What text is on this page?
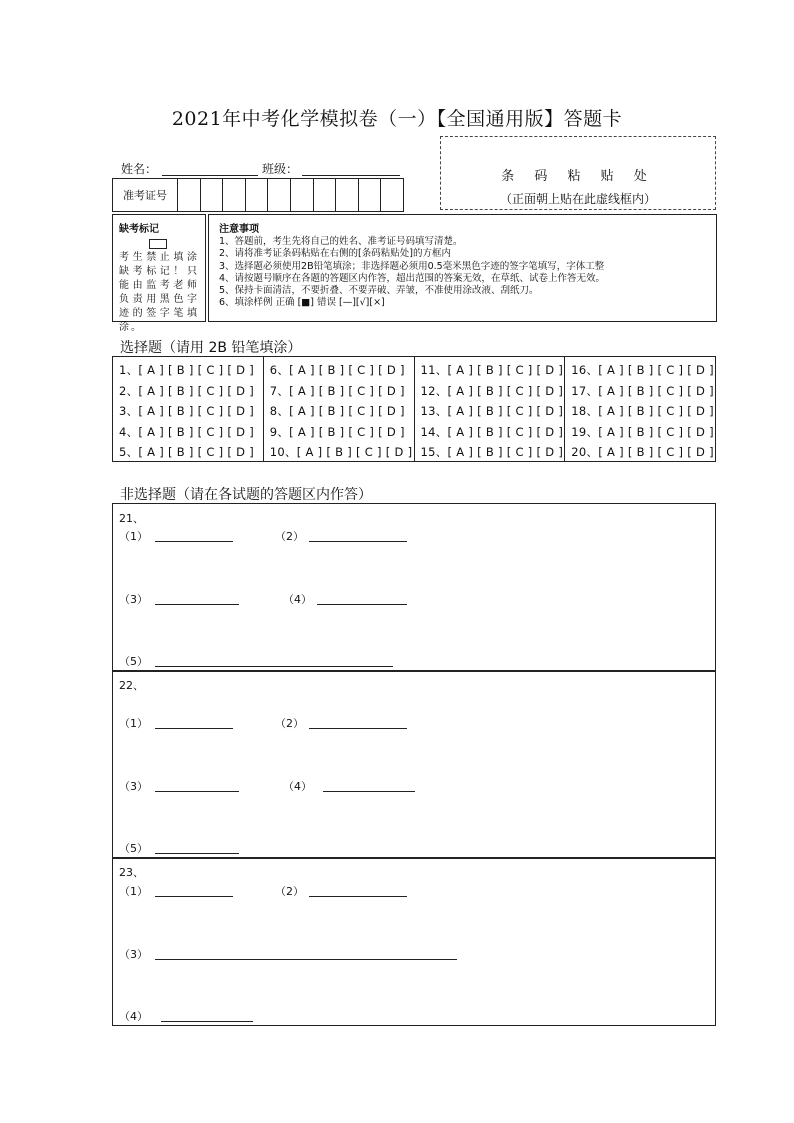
2021年中考化学模拟卷（一）【全国通用版】答题卡
姓名：	班级：
准考证号
条 码 粘 贴 处
（正面朝上贴在此虚线框内）
缺考标记
考生禁止填涂缺考标记！只能由监考老师负责用黑色字迹的签字笔填涂。
注意事项
1、答题前，考生先将自己的姓名、准考证号码填写清楚。
2、请将准考证条码粘贴在右侧的[条码粘贴处]的方框内
3、选择题必须使用2B铅笔填涂；非选择题必须用0.5毫米黑色字迹的签字笔填写，字体工整
4、请按题号顺序在各题的答题区内作答，超出范围的答案无效，在草纸、试卷上作答无效。
5、保持卡面清洁，不要折叠、不要弄破、弄皱，不准使用涂改液、刮纸刀。
6、填涂样例 正确 [■] 错误 [—][√][×]
选择题（请用 2B 铅笔填涂）
1、[ A ] [ B ] [ C ] [ D ]
2、[ A ] [ B ] [ C ] [ D ]
3、[ A ] [ B ] [ C ] [ D ]
4、[ A ] [ B ] [ C ] [ D ]
5、[ A ] [ B ] [ C ] [ D ]
6、[ A ] [ B ] [ C ] [ D ]
7、[ A ] [ B ] [ C ] [ D ]
8、[ A ] [ B ] [ C ] [ D ]
9、[ A ] [ B ] [ C ] [ D ]
10、[ A ] [ B ] [ C ] [ D ]
11、[ A ] [ B ] [ C ] [ D ]
12、[ A ] [ B ] [ C ] [ D ]
13、[ A ] [ B ] [ C ] [ D ]
14、[ A ] [ B ] [ C ] [ D ]
15、[ A ] [ B ] [ C ] [ D ]
16、[ A ] [ B ] [ C ] [ D ]
17、[ A ] [ B ] [ C ] [ D ]
18、[ A ] [ B ] [ C ] [ D ]
19、[ A ] [ B ] [ C ] [ D ]
20、[ A ] [ B ] [ C ] [ D ]
非选择题（请在各试题的答题区内作答）
21、
（1）	（2）
（3）	（4）
（5）
22、
（1）	（2）
（3）	（4）
（5）
23、
（1）	（2）
（3）
（4）
